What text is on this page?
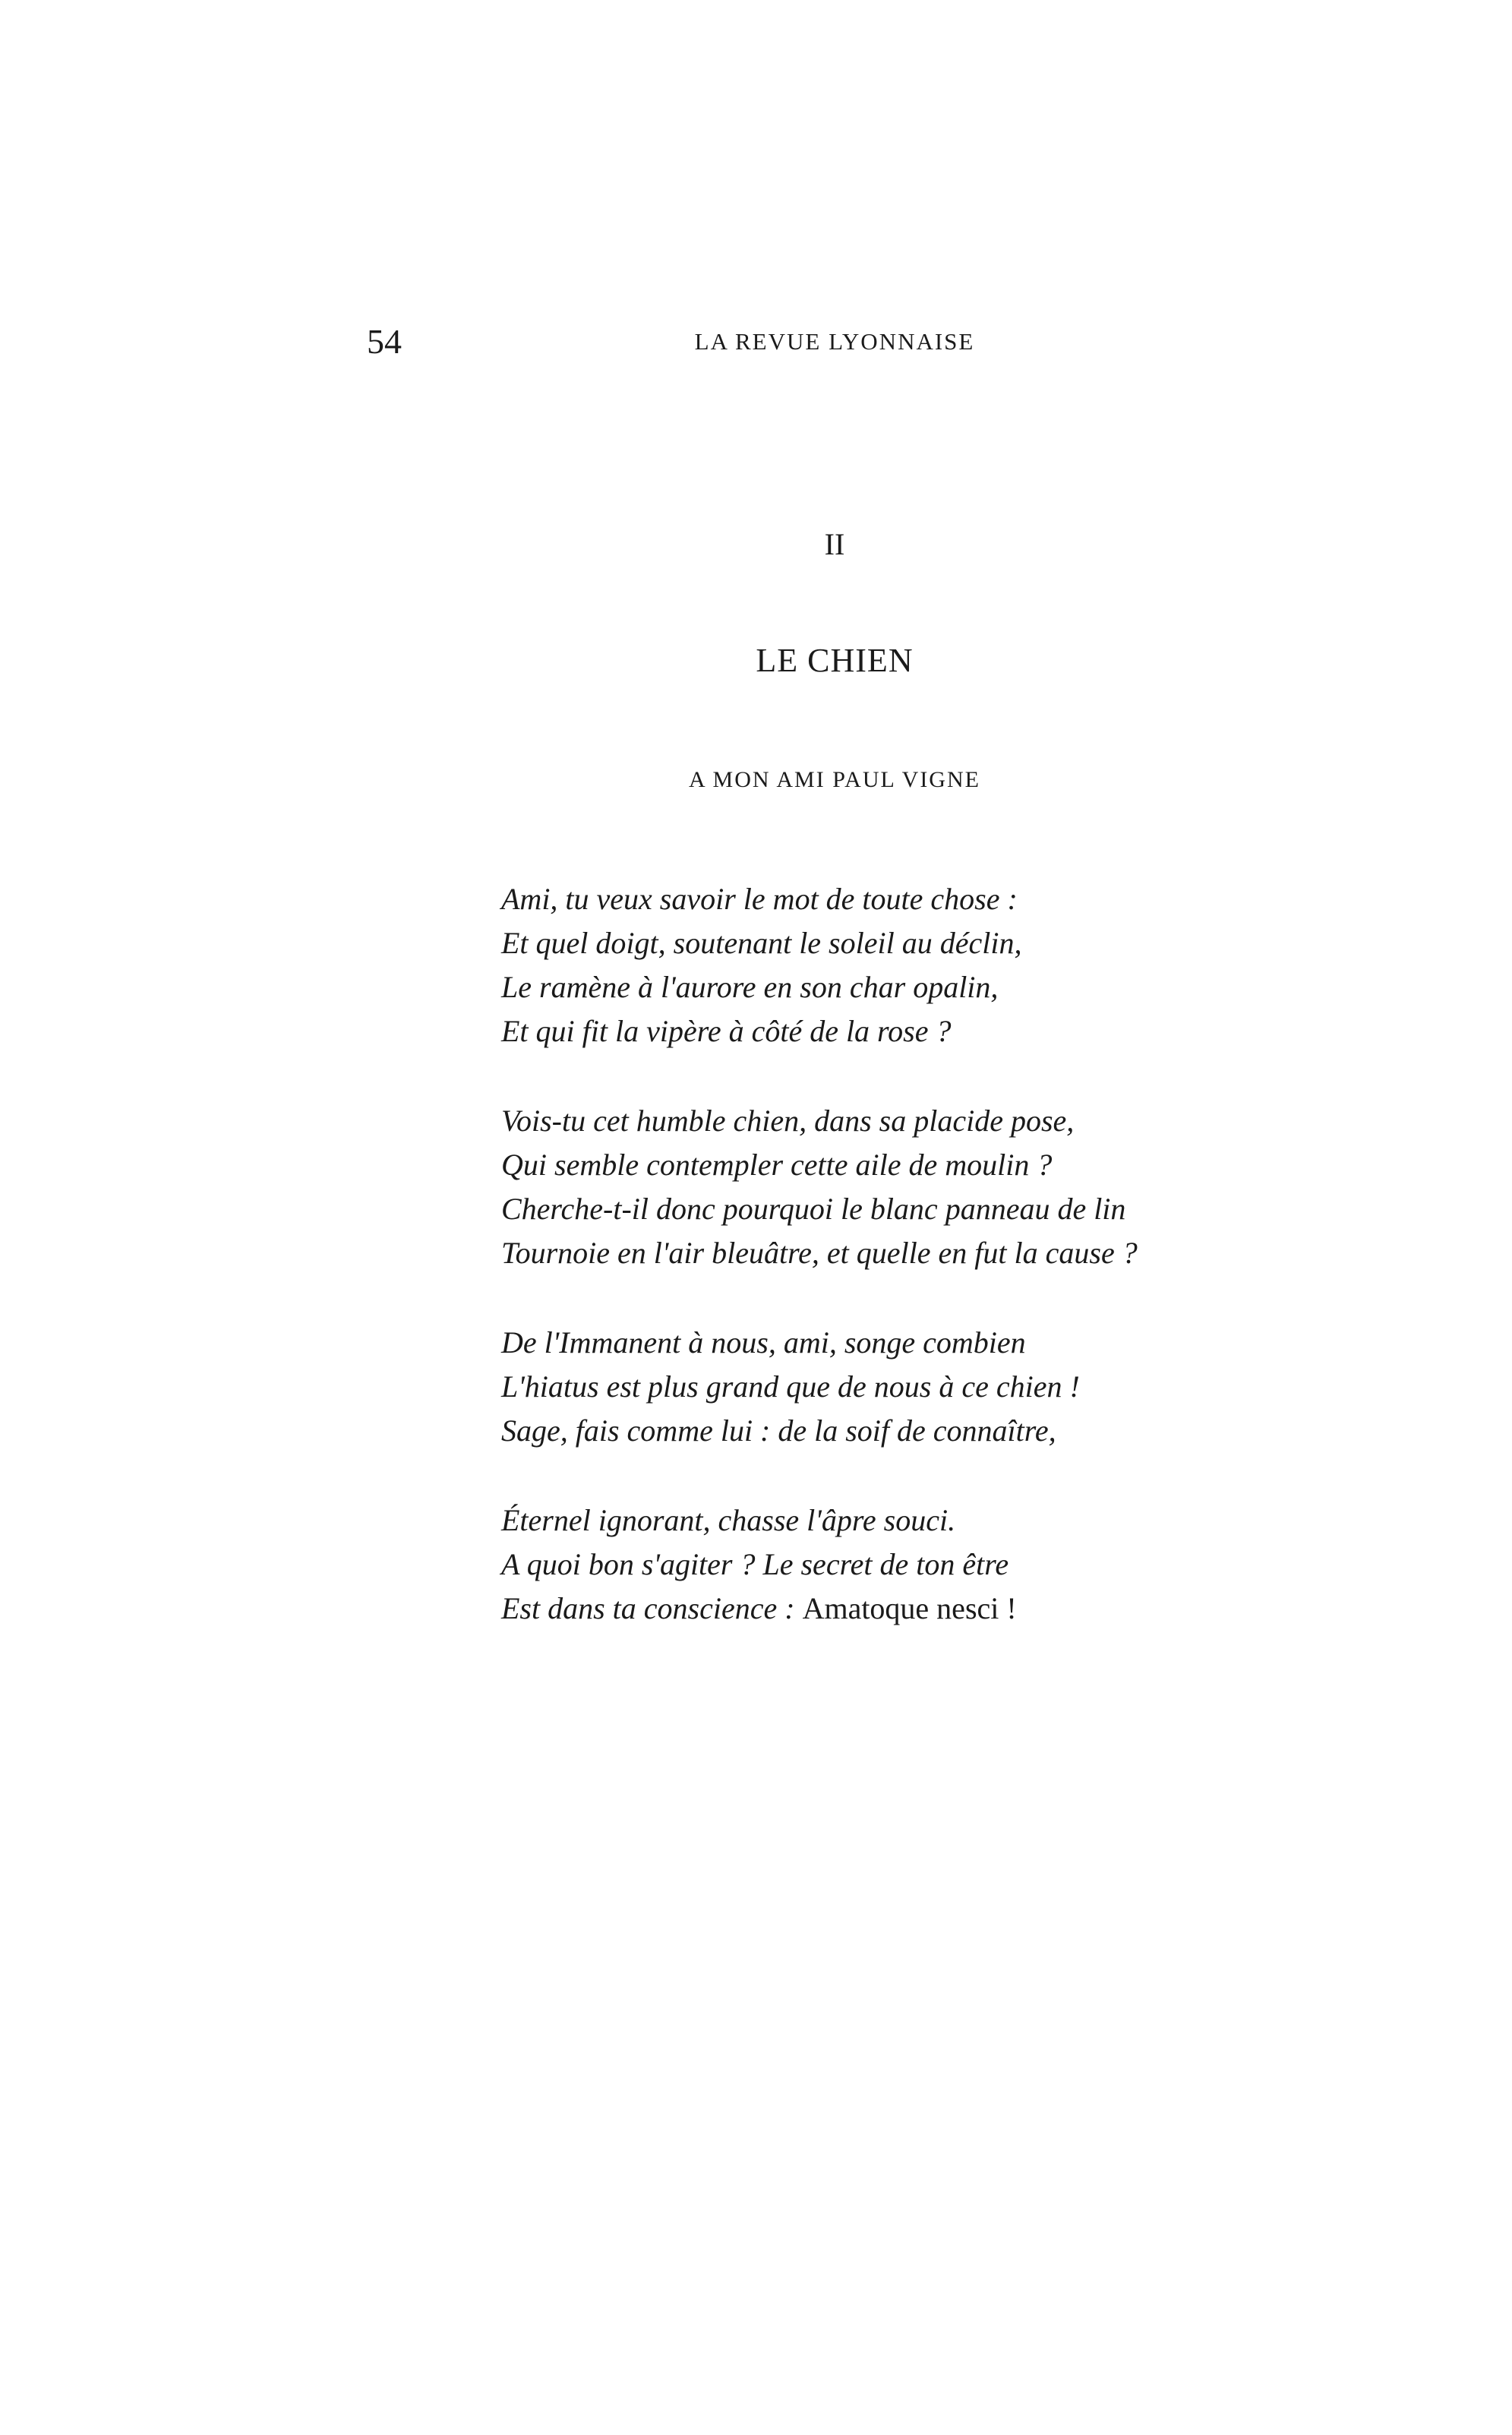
54	LA REVUE LYONNAISE
II
LE CHIEN
A MON AMI PAUL VIGNE
Ami, tu veux savoir le mot de toute chose :
Et quel doigt, soutenant le soleil au déclin,
Le ramène à l'aurore en son char opalin,
Et qui fit la vipère à côté de la rose ?
Vois-tu cet humble chien, dans sa placide pose,
Qui semble contempler cette aile de moulin ?
Cherche-t-il donc pourquoi le blanc panneau de lin
Tournoie en l'air bleuâtre, et quelle en fut la cause ?
De l'Immanent à nous, ami, songe combien
L'hiatus est plus grand que de nous à ce chien !
Sage, fais comme lui : de la soif de connaître,
Éternel ignorant, chasse l'âpre souci.
A quoi bon s'agiter ? Le secret de ton être
Est dans ta conscience : Amatoque nesci !
